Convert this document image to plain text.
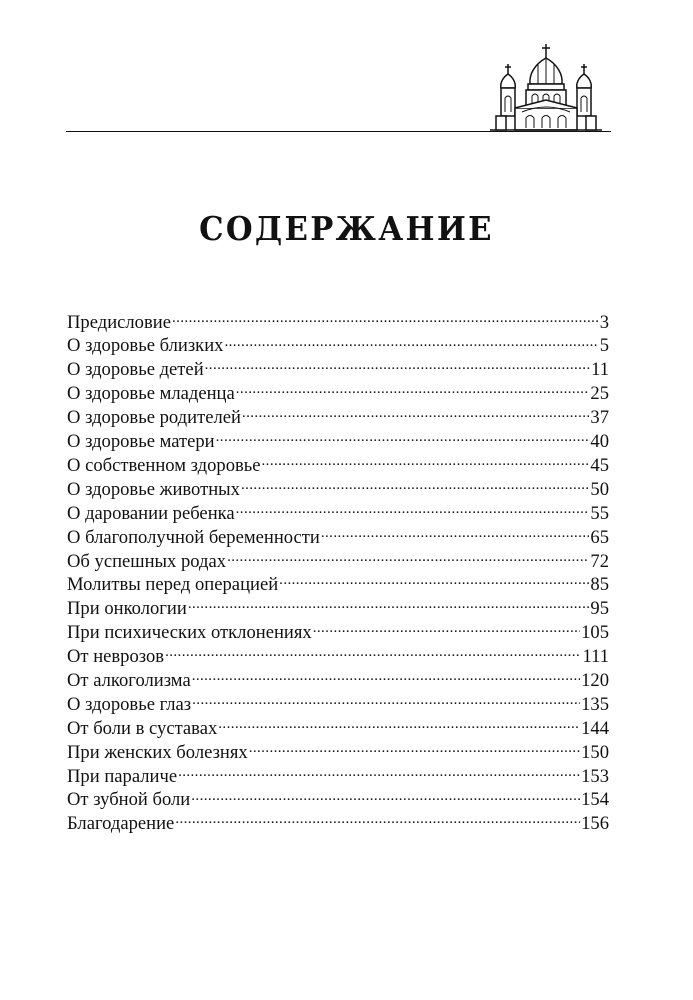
СОДЕРЖАНИЕ
Предисловие .....	3
О здоровье близких .....	5
О здоровье детей .....	11
О здоровье младенца .....	25
О здоровье родителей .....	37
О здоровье матери .....	40
О собственном здоровье .....	45
О здоровье животных .....	50
О даровании ребенка .....	55
О благополучной беременности .....	65
Об успешных родах .....	72
Молитвы перед операцией .....	85
При онкологии .....	95
При психических отклонениях .....	105
От неврозов .....	111
От алкоголизма .....	120
О здоровье глаз .....	135
От боли в суставах .....	144
При женских болезнях .....	150
При параличе .....	153
От зубной боли .....	154
Благодарение .....	156
